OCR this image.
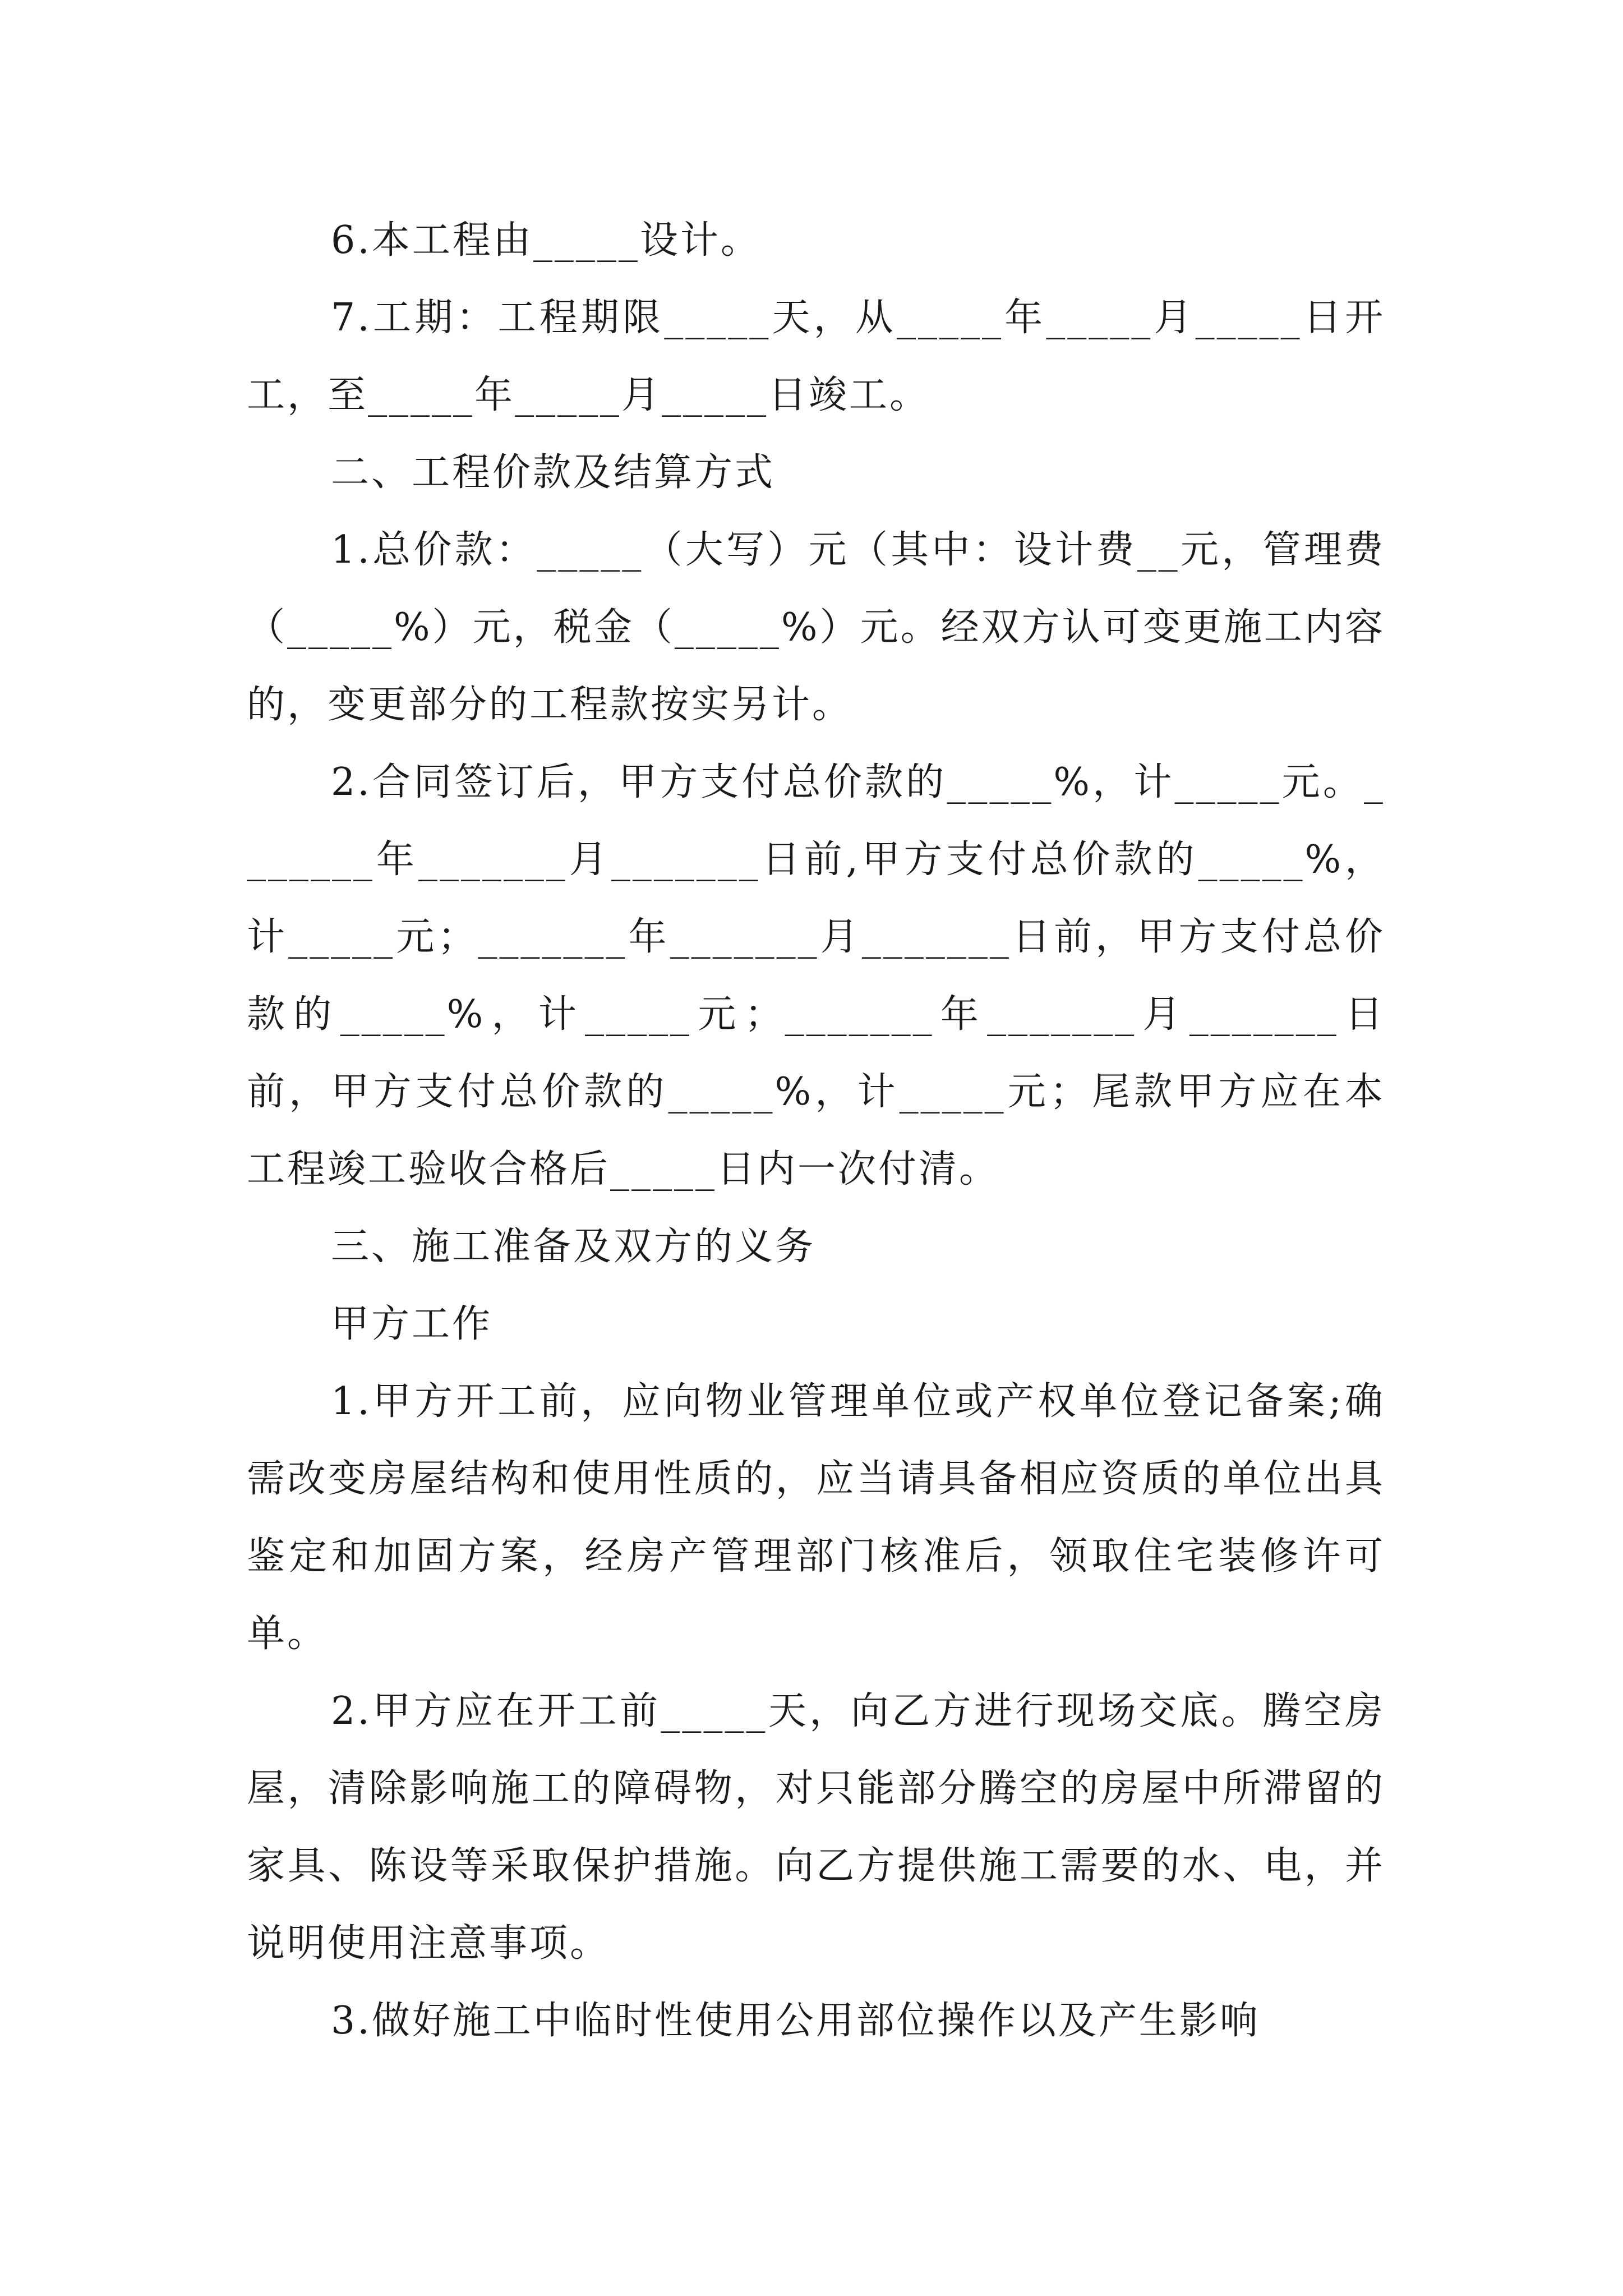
6.本工程由_____设计。

7.工期：工程期限_____天，从_____年_____月_____日开工，至_____年_____月_____日竣工。

二、工程价款及结算方式

1.总价款：_____（大写）元（其中：设计费__元，管理费（_____%）元，税金（_____%）元。经双方认可变更施工内容的，变更部分的工程款按实另计。

2.合同签订后，甲方支付总价款的_____%，计_____元。_______年_______月_______日前,甲方支付总价款的_____%，计_____元；_______年_______月_______日前，甲方支付总价款的_____%，计_____元；_______年_______月_______日前，甲方支付总价款的_____%，计_____元；尾款甲方应在本工程竣工验收合格后_____日内一次付清。

三、施工准备及双方的义务

甲方工作

1.甲方开工前，应向物业管理单位或产权单位登记备案;确需改变房屋结构和使用性质的，应当请具备相应资质的单位出具鉴定和加固方案，经房产管理部门核准后，领取住宅装修许可单。

2.甲方应在开工前_____天，向乙方进行现场交底。腾空房屋，清除影响施工的障碍物，对只能部分腾空的房屋中所滞留的家具、陈设等采取保护措施。向乙方提供施工需要的水、电，并说明使用注意事项。

3.做好施工中临时性使用公用部位操作以及产生影响
